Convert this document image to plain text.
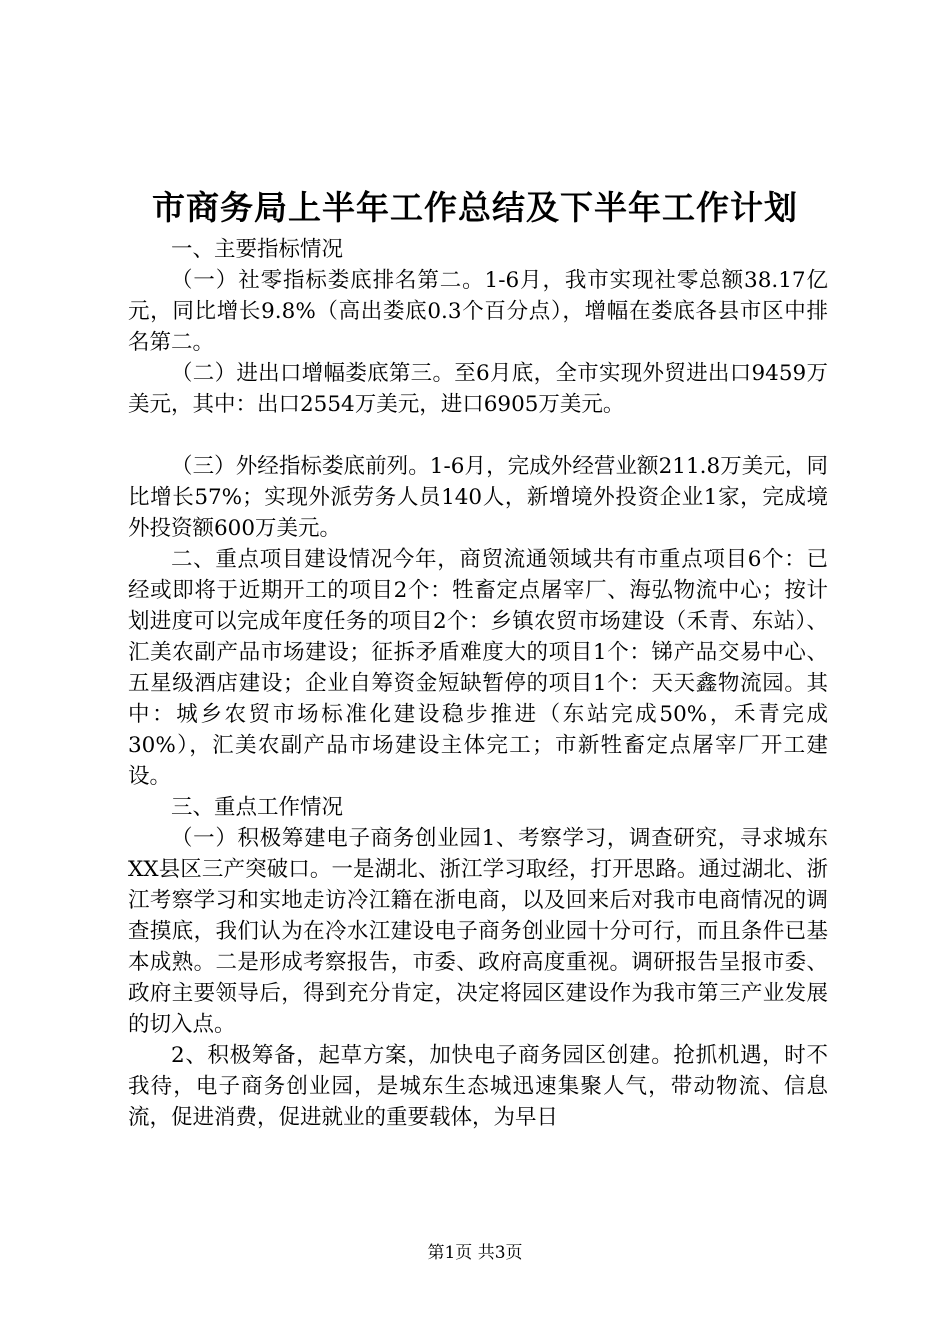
市商务局上半年工作总结及下半年工作计划

一、主要指标情况

（一）社零指标娄底排名第二。1-6月，我市实现社零总额38.17亿元，同比增长9.8%（高出娄底0.3个百分点），增幅在娄底各县市区中排名第二。

（二）进出口增幅娄底第三。至6月底，全市实现外贸进出口9459万美元，其中：出口2554万美元，进口6905万美元。

（三）外经指标娄底前列。1-6月，完成外经营业额211.8万美元，同比增长57%；实现外派劳务人员140人，新增境外投资企业1家，完成境外投资额600万美元。

二、重点项目建设情况今年，商贸流通领域共有市重点项目6个：已经或即将于近期开工的项目2个：牲畜定点屠宰厂、海弘物流中心；按计划进度可以完成年度任务的项目2个：乡镇农贸市场建设（禾青、东站）、汇美农副产品市场建设；征拆矛盾难度大的项目1个：锑产品交易中心、五星级酒店建设；企业自筹资金短缺暂停的项目1个：天天鑫物流园。其中：城乡农贸市场标准化建设稳步推进（东站完成50%，禾青完成30%），汇美农副产品市场建设主体完工；市新牲畜定点屠宰厂开工建设。

三、重点工作情况

（一）积极筹建电子商务创业园1、考察学习，调查研究，寻求城东XX县区三产突破口。一是湖北、浙江学习取经，打开思路。通过湖北、浙江考察学习和实地走访冷江籍在浙电商，以及回来后对我市电商情况的调查摸底，我们认为在冷水江建设电子商务创业园十分可行，而且条件已基本成熟。二是形成考察报告，市委、政府高度重视。调研报告呈报市委、政府主要领导后，得到充分肯定，决定将园区建设作为我市第三产业发展的切入点。

2、积极筹备，起草方案，加快电子商务园区创建。抢抓机遇，时不我待，电子商务创业园，是城东生态城迅速集聚人气，带动物流、信息流，促进消费，促进就业的重要载体，为早日

第1页 共3页
